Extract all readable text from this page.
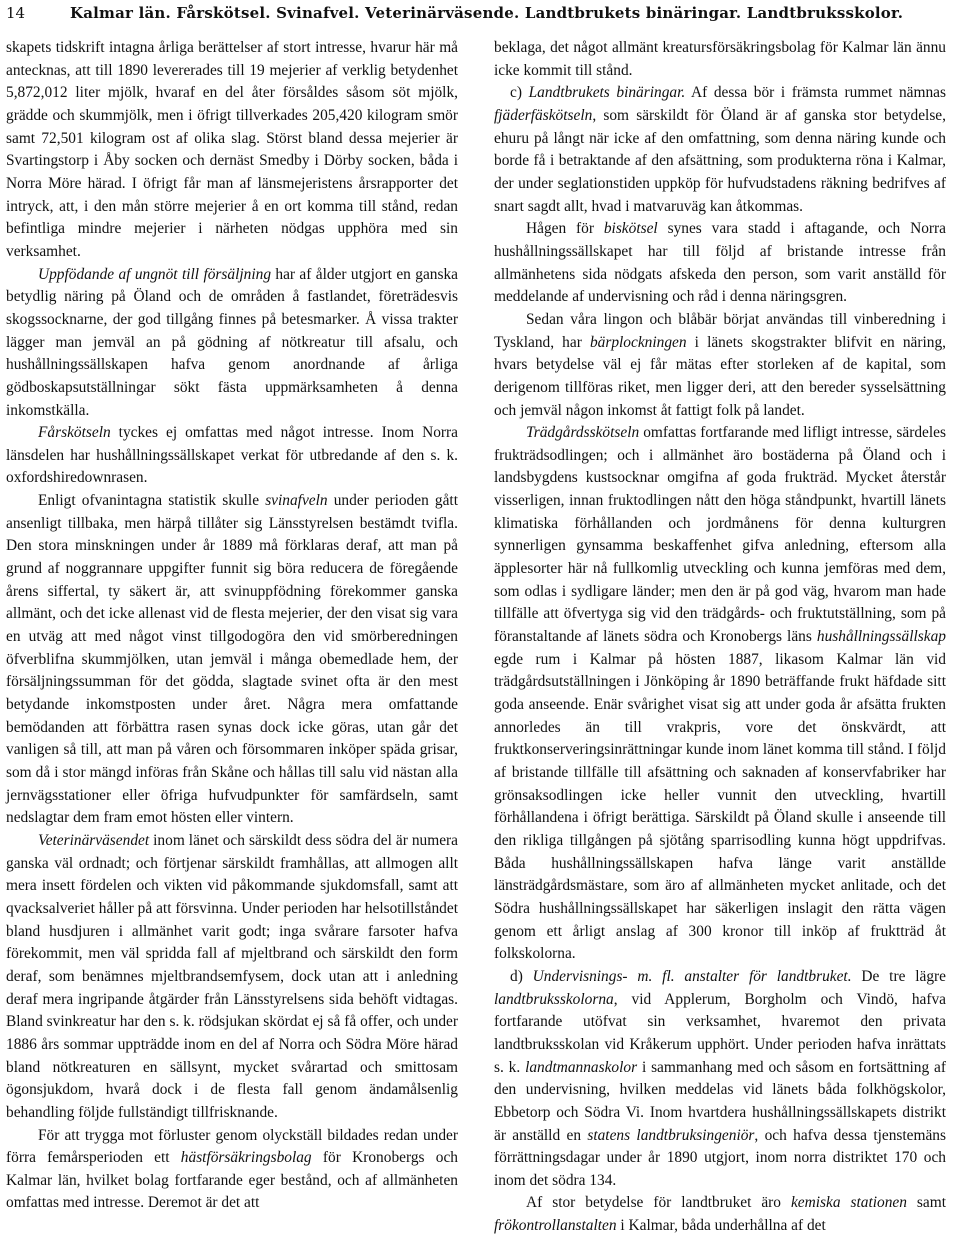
14	Kalmar län. Fårskötsel. Svinafvel. Veterinärväsende. Landtbrukets binäringar. Landtbruksskolor.

skapets tidskrift intagna årliga berättelser af stort intresse, hvarur här må antecknas, att till 1890 levererades till 19 mejerier af verklig betydenhet 5,872,012 liter mjölk, hvaraf en del åter försåldes såsom söt mjölk, grädde och skummjölk, men i öfrigt tillverkades 205,420 kilogram smör samt 72,501 kilogram ost af olika slag. Störst bland dessa mejerier är Svartingstorp i Åby socken och dernäst Smedby i Dörby socken, båda i Norra Möre härad. I öfrigt får man af länsmejeristens årsrapporter det intryck, att, i den mån större mejerier å en ort komma till stånd, redan befintliga mindre mejerier i närheten nödgas upphöra med sin verksamhet.

Uppfödande af ungnöt till försäljning har af ålder utgjort en ganska betydlig näring på Öland och de områden å fastlandet, företrädesvis skogssocknarne, der god tillgång finnes på betesmarker. Å vissa trakter lägger man jemväl an på gödning af nötkreatur till afsalu, och hushållningssällskapen hafva genom anordnande af årliga gödboskapsutställningar sökt fästa uppmärksamheten å denna inkomstkälla.

Fårskötseln tyckes ej omfattas med något intresse. Inom Norra länsdelen har hushållningssällskapet verkat för utbredande af den s. k. oxfordshiredownrasen.

Enligt ofvanintagna statistik skulle svinafveln under perioden gått ansenligt tillbaka, men härpå tillåter sig Länsstyrelsen bestämdt tvifla. Den stora minskningen under år 1889 må förklaras deraf, att man på grund af noggrannare uppgifter funnit sig böra reducera de föregående årens siffertal, ty säkert är, att svinuppfödning förekommer ganska allmänt, och det icke allenast vid de flesta mejerier, der den visat sig vara en utväg att med något vinst tillgodogöra den vid smörberedningen öfverblifna skummjölken, utan jemväl i många obemedlade hem, der försäljningssumman för det gödda, slagtade svinet ofta är den mest betydande inkomstposten under året. Några mera omfattande bemödanden att förbättra rasen synas dock icke göras, utan går det vanligen så till, att man på våren och försommaren inköper späda grisar, som då i stor mängd införas från Skåne och hållas till salu vid nästan alla jernvägsstationer eller öfriga hufvudpunkter för samfärdseln, samt nedslagtar dem fram emot hösten eller vintern.

Veterinärväsendet inom länet och särskildt dess södra del är numera ganska väl ordnadt; och förtjenar särskildt framhållas, att allmogen allt mera insett fördelen och vikten vid påkommande sjukdomsfall, samt att qvacksalveriet håller på att försvinna. Under perioden har helsotillståndet bland husdjuren i allmänhet varit godt; inga svårare farsoter hafva förekommit, men väl spridda fall af mjeltbrand och särskildt den form deraf, som benämnes mjeltbrandsemfysem, dock utan att i anledning deraf mera ingripande åtgärder från Länsstyrelsens sida behöft vidtagas. Bland svinkreatur har den s. k. rödsjukan skördat ej så få offer, och under 1886 års sommar uppträdde inom en del af Norra och Södra Möre härad bland nötkreaturen en sällsynt, mycket svårartad och smittosam ögonsjukdom, hvarå dock i de flesta fall genom ändamålsenlig behandling följde fullständigt tillfrisknande.

För att trygga mot förluster genom olyckställ bildades redan under förra femårsperioden ett hästförsäkringsbolag för Kronobergs och Kalmar län, hvilket bolag fortfarande eger bestånd, och af allmänheten omfattas med intresse. Deremot är det att

beklaga, det något allmänt kreatursförsäkringsbolag för Kalmar län ännu icke kommit till stånd.

c) Landtbrukets binäringar. Af dessa bör i främsta rummet nämnas fjäderfäskötseln, som särskildt för Öland är af ganska stor betydelse, ehuru på långt när icke af den omfattning, som denna näring kunde och borde få i betraktande af den afsättning, som produkterna röna i Kalmar, der under seglationstiden uppköp för hufvudstadens räkning bedrifves af snart sagdt allt, hvad i matvaruväg kan åtkommas.

Hågen för biskötsel synes vara stadd i aftagande, och Norra hushållningssällskapet har till följd af bristande intresse från allmänhetens sida nödgats afskeda den person, som varit anställd för meddelande af undervisning och råd i denna näringsgren.

Sedan våra lingon och blåbär börjat användas till vinberedning i Tyskland, har bärplockningen i länets skogstrakter blifvit en näring, hvars betydelse väl ej får mätas efter storleken af de kapital, som derigenom tillföras riket, men ligger deri, att den bereder sysselsättning och jemväl någon inkomst åt fattigt folk på landet.

Trädgårdsskötseln omfattas fortfarande med lifligt intresse, särdeles frukträdsodlingen; och i allmänhet äro bostäderna på Öland och i landsbygdens kustsocknar omgifna af goda frukträd. Mycket återstår visserligen, innan fruktodlingen nått den höga ståndpunkt, hvartill länets klimatiska förhållanden och jordmånens för denna kulturgren synnerligen gynsamma beskaffenhet gifva anledning, eftersom alla äpplesorter här nå fullkomlig utveckling och kunna jemföras med dem, som odlas i sydligare länder; men den är på god väg, hvarom man hade tillfälle att öfvertyga sig vid den trädgårds- och fruktutställning, som på föranstaltande af länets södra och Kronobergs läns hushållningssällskap egde rum i Kalmar på hösten 1887, likasom Kalmar län vid trädgårdsutställningen i Jönköping år 1890 beträffande frukt häfdade sitt goda anseende. Enär svårighet visat sig att under goda år afsätta frukten annorledes än till vrakpris, vore det önskvärdt, att fruktkonserveringsinrättningar kunde inom länet komma till stånd. I följd af bristande tillfälle till afsättning och saknaden af konservfabriker har grönsaksodlingen icke heller vunnit den utveckling, hvartill förhållandena i öfrigt berättiga. Särskildt på Öland skulle i anseende till den rikliga tillgången på sjötång sparrisodling kunna högt uppdrifvas. Båda hushållningssällskapen hafva länge varit anställde länsträdgårdsmästare, som äro af allmänheten mycket anlitade, och det Södra hushållningssällskapet har säkerligen inslagit den rätta vägen genom ett årligt anslag af 300 kronor till inköp af fruktträd åt folkskolorna.

d) Undervisnings- m. fl. anstalter för landtbruket. De tre lägre landtbruksskolorna, vid Applerum, Borgholm och Vindö, hafva fortfarande utöfvat sin verksamhet, hvaremot den privata landtbruksskolan vid Kråkerum upphört. Under perioden hafva inrättats s. k. landtmannaskolor i sammanhang med och såsom en fortsättning af den undervisning, hvilken meddelas vid länets båda folkhögskolor, Ebbetorp och Södra Vi. Inom hvartdera hushållningssällskapets distrikt är anställd en statens landtbruksingeniör, och hafva dessa tjenstemäns förrättningsdagar under år 1890 utgjort, inom norra distriktet 170 och inom det södra 134.

Af stor betydelse för landtbruket äro kemiska stationen samt frökontrollanstalten i Kalmar, båda underhållna af det
